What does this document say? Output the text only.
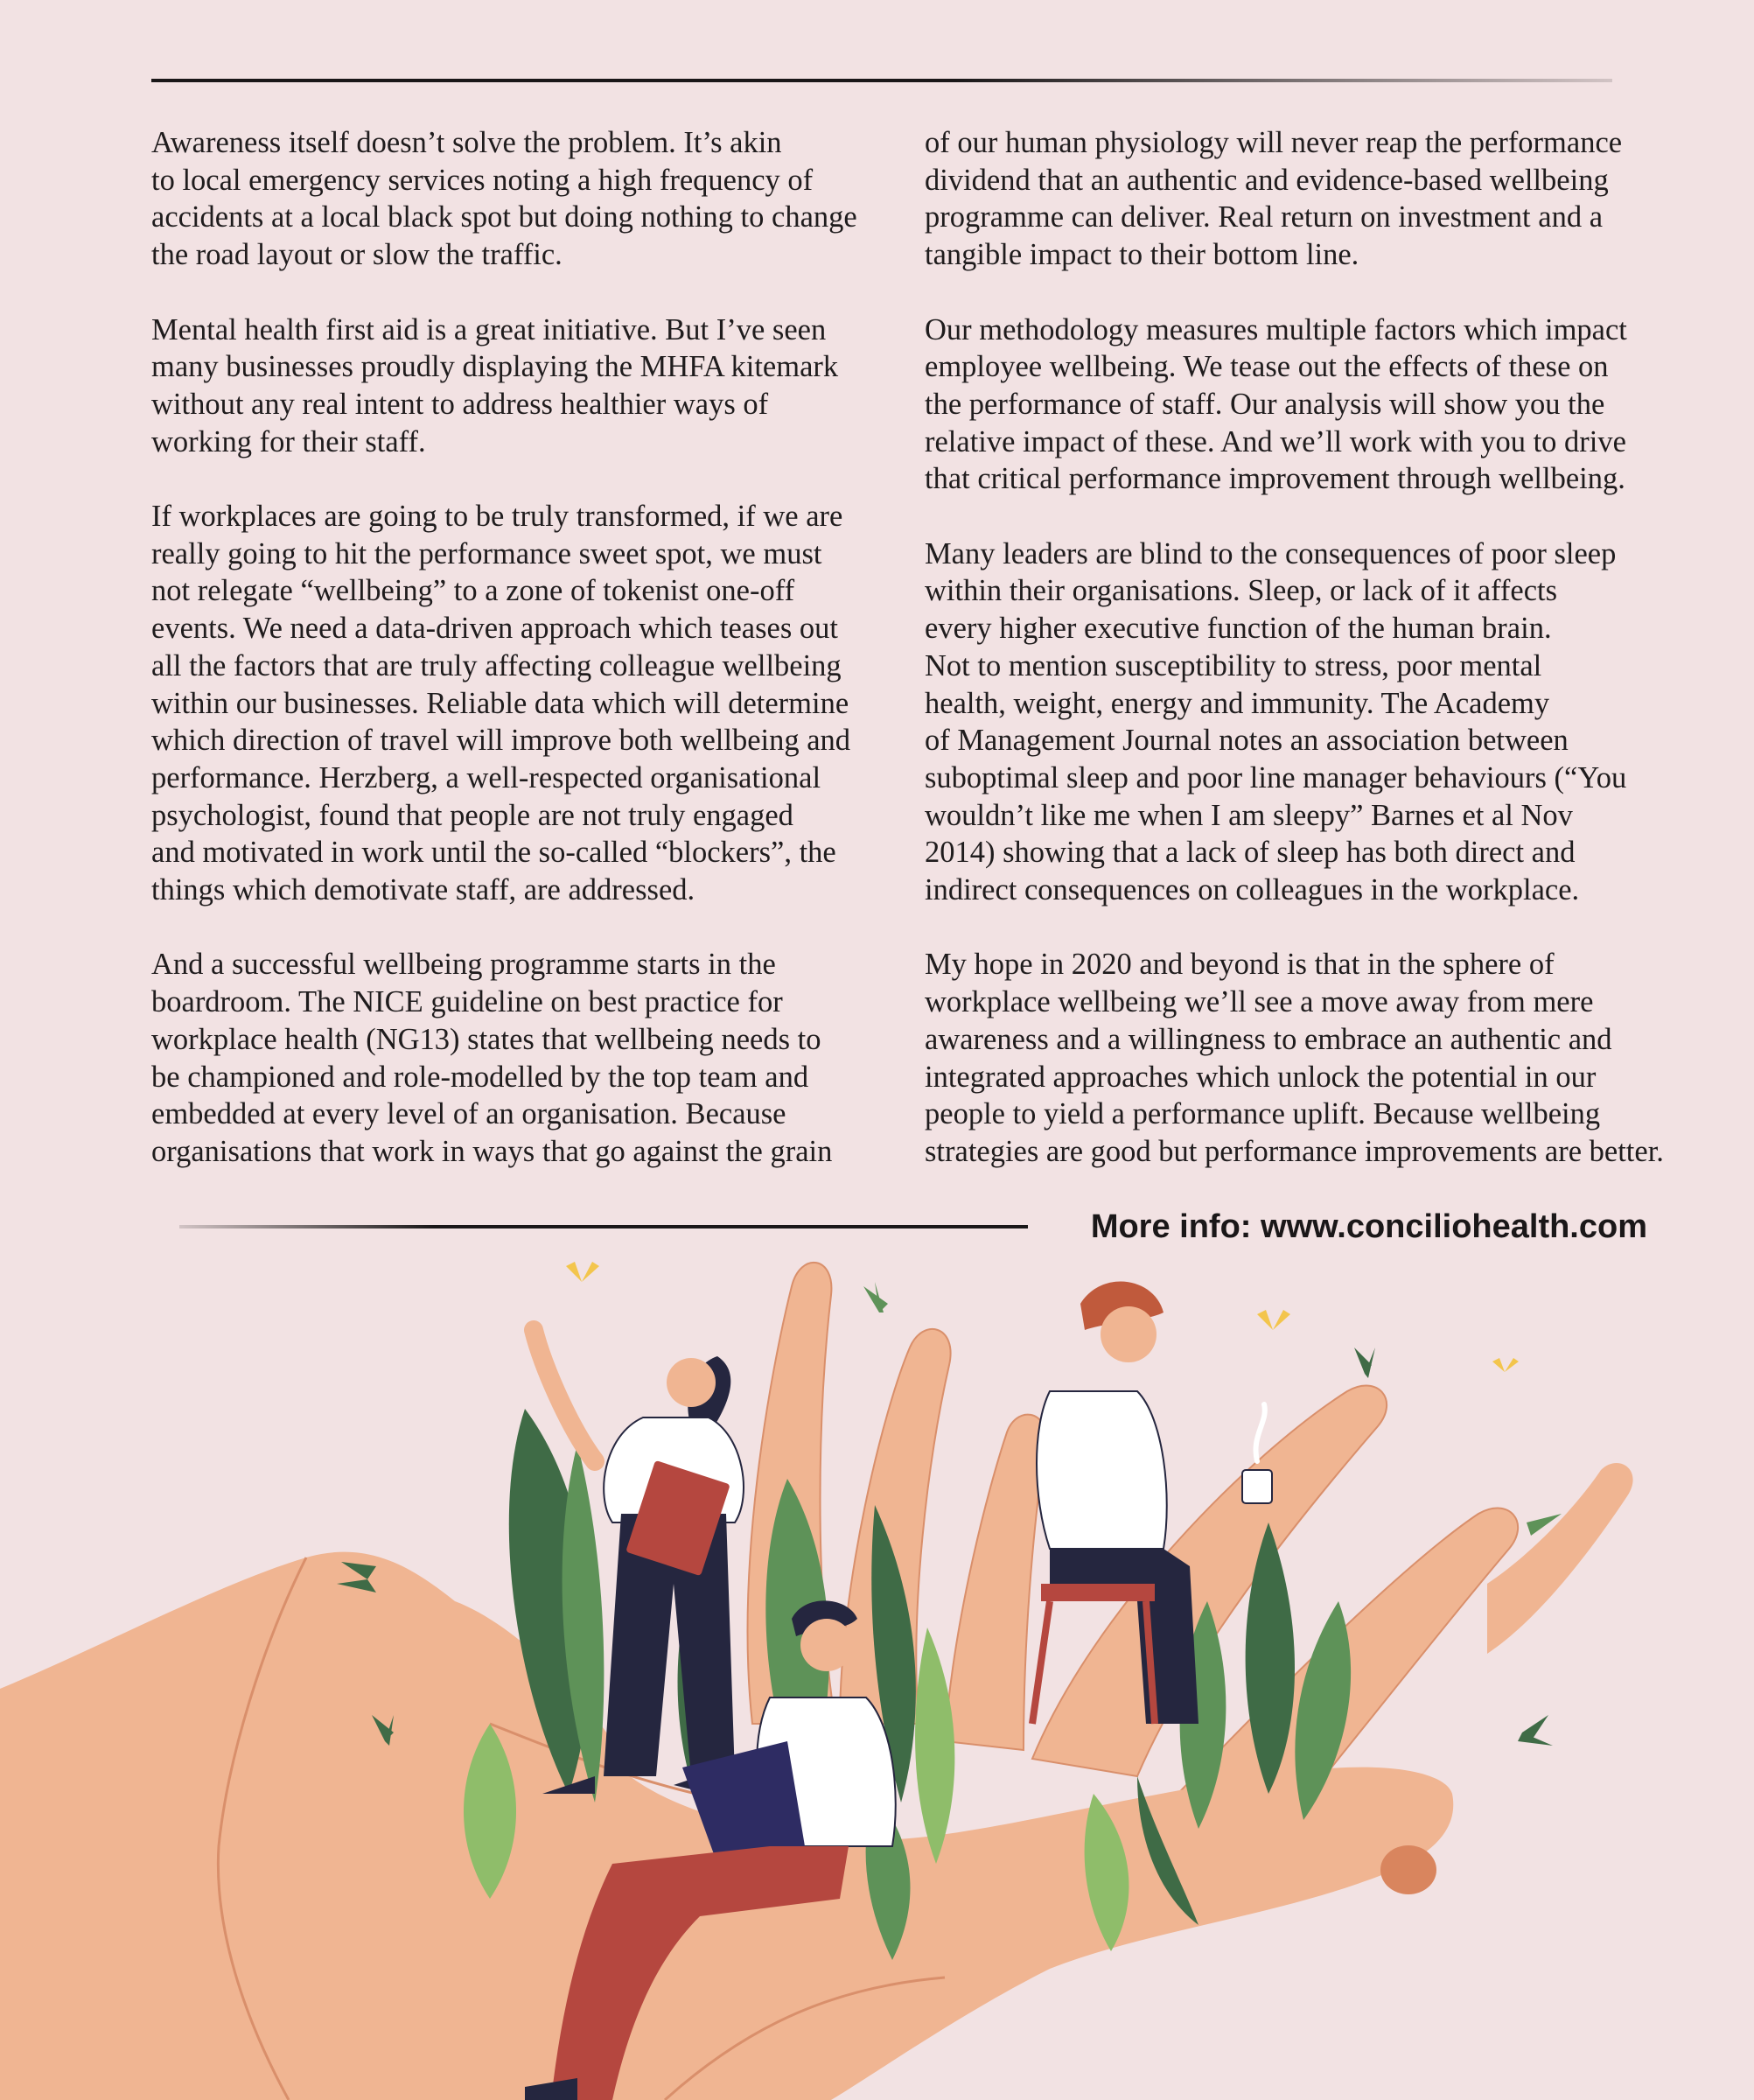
Awareness itself doesn’t solve the problem. It’s akin
to local emergency services noting a high frequency of
accidents at a local black spot but doing nothing to change
the road layout or slow the traffic.

Mental health first aid is a great initiative. But I’ve seen
many businesses proudly displaying the MHFA kitemark
without any real intent to address healthier ways of
working for their staff.

If workplaces are going to be truly transformed, if we are
really going to hit the performance sweet spot, we must
not relegate “wellbeing” to a zone of tokenist one-off
events. We need a data-driven approach which teases out
all the factors that are truly affecting colleague wellbeing
within our businesses. Reliable data which will determine
which direction of travel will improve both wellbeing and
performance. Herzberg, a well-respected organisational
psychologist, found that people are not truly engaged
and motivated in work until the so-called “blockers”, the
things which demotivate staff, are addressed.

And a successful wellbeing programme starts in the
boardroom. The NICE guideline on best practice for
workplace health (NG13) states that wellbeing needs to
be championed and role-modelled by the top team and
embedded at every level of an organisation. Because
organisations that work in ways that go against the grain

of our human physiology will never reap the performance
dividend that an authentic and evidence-based wellbeing
programme can deliver. Real return on investment and a
tangible impact to their bottom line.

Our methodology measures multiple factors which impact
employee wellbeing. We tease out the effects of these on
the performance of staff. Our analysis will show you the
relative impact of these. And we’ll work with you to drive
that critical performance improvement through wellbeing.

Many leaders are blind to the consequences of poor sleep
within their organisations. Sleep, or lack of it affects
every higher executive function of the human brain.
Not to mention susceptibility to stress, poor mental
health, weight, energy and immunity. The Academy
of Management Journal notes an association between
suboptimal sleep and poor line manager behaviours (“You
wouldn’t like me when I am sleepy” Barnes et al Nov
2014) showing that a lack of sleep has both direct and
indirect consequences on colleagues in the workplace.

My hope in 2020 and beyond is that in the sphere of
workplace wellbeing we’ll see a move away from mere
awareness and a willingness to embrace an authentic and
integrated approaches which unlock the potential in our
people to yield a performance uplift. Because wellbeing
strategies are good but performance improvements are better.

More info: www.conciliohealth.com
